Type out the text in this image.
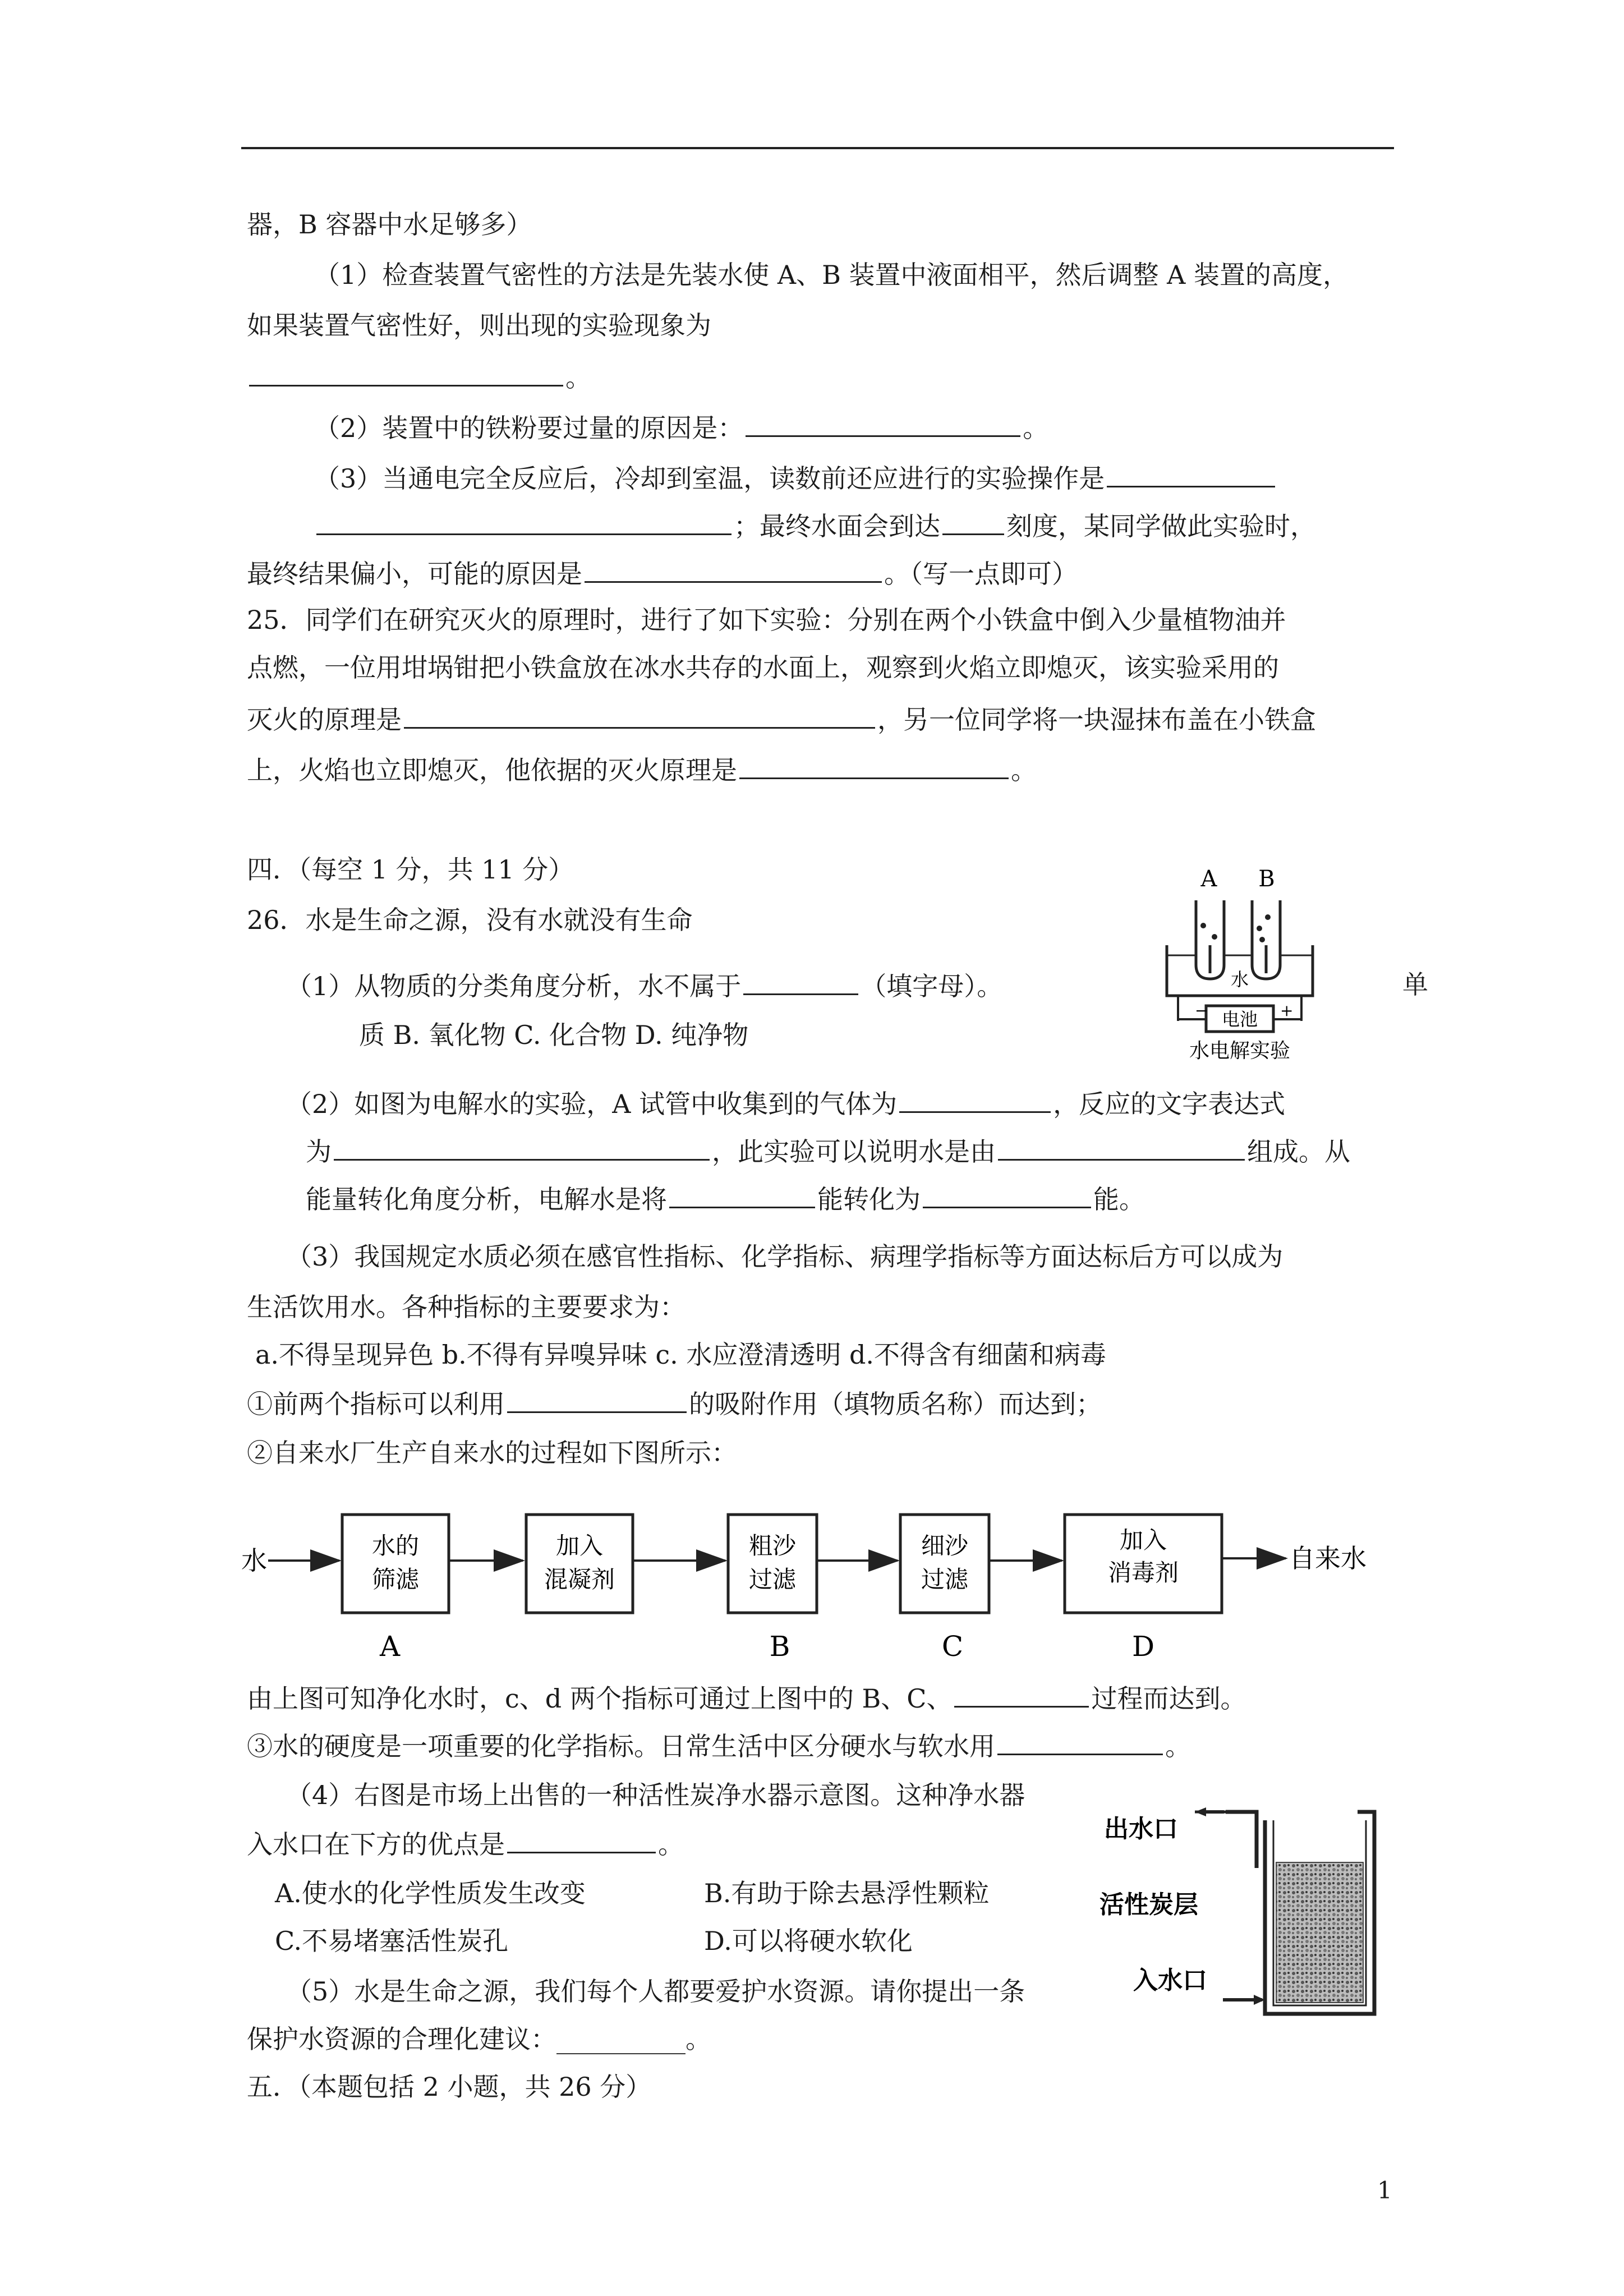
器，B 容器中水足够多）
（1）检查装置气密性的方法是先装水使 A、B 装置中液面相平，然后调整 A 装置的高度，
如果装置气密性好，则出现的实验现象为
。
（2）装置中的铁粉要过量的原因是：	。
（3）当通电完全反应后，冷却到室温，读数前还应进行的实验操作是
；最终水面会到达	刻度，某同学做此实验时，
最终结果偏小，可能的原因是	。（写一点即可）
25．同学们在研究灭火的原理时，进行了如下实验：分别在两个小铁盒中倒入少量植物油并
点燃，一位用坩埚钳把小铁盒放在冰水共存的水面上，观察到火焰立即熄灭，该实验采用的
灭火的原理是	，另一位同学将一块湿抹布盖在小铁盒
上，火焰也立即熄灭，他依据的灭火原理是	。
四．（每空 1 分，共 11 分）
26．水是生命之源，没有水就没有生命
（1）从物质的分类角度分析，水不属于	（填字母）。	单
质 B. 氧化物 C. 化合物 D. 纯净物
（2）如图为电解水的实验，A 试管中收集到的气体为	，反应的文字表达式
为	，此实验可以说明水是由	组成。从
能量转化角度分析，电解水是将	能转化为	能。
（3）我国规定水质必须在感官性指标、化学指标、病理学指标等方面达标后方可以成为
生活饮用水。各种指标的主要要求为：
a.不得呈现异色 b.不得有异嗅异味 c. 水应澄清透明 d.不得含有细菌和病毒
①前两个指标可以利用	的吸附作用（填物质名称）而达到；
②自来水厂生产自来水的过程如下图所示：
水	水的
筛滤
A
加入
混凝剂
粗沙
过滤
B
细沙
过滤
C
加入
消毒剂
D
自来水
由上图可知净化水时，c、d 两个指标可通过上图中的 B、C、	过程而达到。
③水的硬度是一项重要的化学指标。日常生活中区分硬水与软水用	。
（4）右图是市场上出售的一种活性炭净水器示意图。这种净水器
入水口在下方的优点是	。
A.使水的化学性质发生改变	B.有助于除去悬浮性颗粒
C.不易堵塞活性炭孔	D.可以将硬水软化
（5）水是生命之源，我们每个人都要爱护水资源。请你提出一条
保护水资源的合理化建议：__________。
五．（本题包括 2 小题，共 26 分）
A B
水
电池
−	+
水电解实验
出水口
活性炭层
入水口
1
